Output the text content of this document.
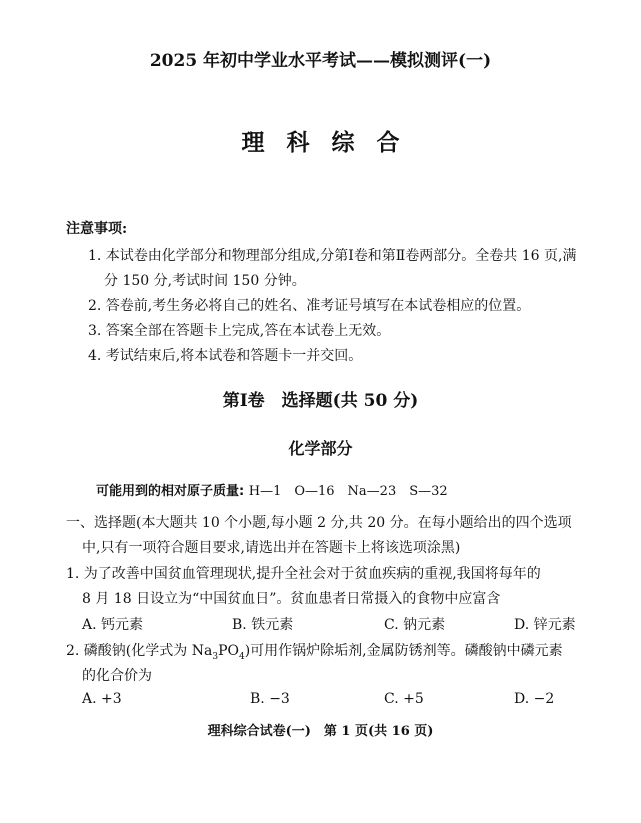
2025 年初中学业水平考试——模拟测评(一)
理科综合
注意事项:
1. 本试卷由化学部分和物理部分组成,分第Ⅰ卷和第Ⅱ卷两部分。全卷共 16 页,满
分 150 分,考试时间 150 分钟。
2. 答卷前,考生务必将自己的姓名、准考证号填写在本试卷相应的位置。
3. 答案全部在答题卡上完成,答在本试卷上无效。
4. 考试结束后,将本试卷和答题卡一并交回。
第Ⅰ卷　选择题(共 50 分)
化学部分
可能用到的相对原子质量: H—1　O—16　Na—23　S—32
一、选择题(本大题共 10 个小题,每小题 2 分,共 20 分。在每小题给出的四个选项
中,只有一项符合题目要求,请选出并在答题卡上将该选项涂黑)
1. 为了改善中国贫血管理现状,提升全社会对于贫血疾病的重视,我国将每年的
8 月 18 日设立为“中国贫血日”。贫血患者日常摄入的食物中应富含
A. 钙元素	B. 铁元素	C. 钠元素	D. 锌元素
2. 磷酸钠(化学式为 $Na_3PO_4$)可用作锅炉除垢剂,金属防锈剂等。磷酸钠中磷元素
的化合价为
A. +3	B. −3	C. +5	D. −2
理科综合试卷(一)　第 1 页(共 16 页)
